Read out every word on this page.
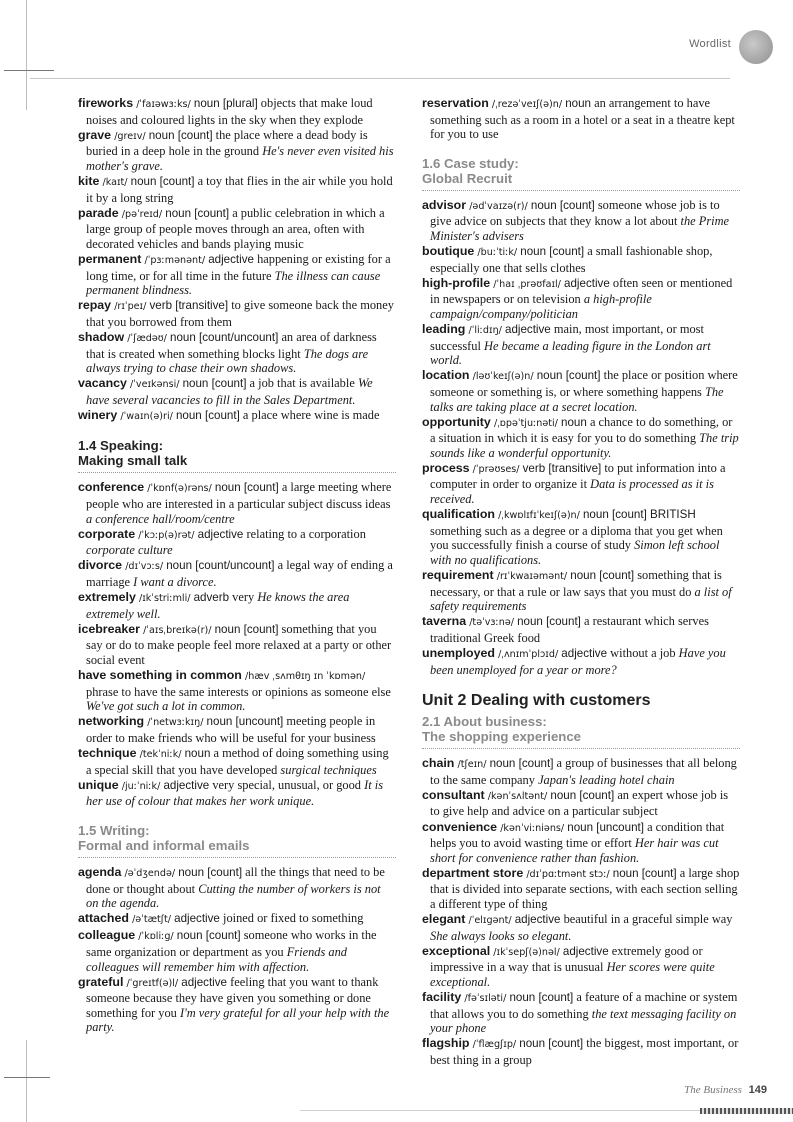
Wordlist
fireworks /ˈfaɪəwɜːks/ noun [plural] objects that make loud noises and coloured lights in the sky when they explode
grave /greɪv/ noun [count] the place where a dead body is buried in a deep hole in the ground He's never even visited his mother's grave.
kite /kaɪt/ noun [count] a toy that flies in the air while you hold it by a long string
parade /pəˈreɪd/ noun [count] a public celebration in which a large group of people moves through an area, often with decorated vehicles and bands playing music
permanent /ˈpɜːmənənt/ adjective happening or existing for a long time, or for all time in the future The illness can cause permanent blindness.
repay /rɪˈpeɪ/ verb [transitive] to give someone back the money that you borrowed from them
shadow /ˈʃædəʊ/ noun [count/uncount] an area of darkness that is created when something blocks light The dogs are always trying to chase their own shadows.
vacancy /ˈveɪkənsi/ noun [count] a job that is available We have several vacancies to fill in the Sales Department.
winery /ˈwaɪn(ə)ri/ noun [count] a place where wine is made
1.4 Speaking:
Making small talk
conference /ˈkɒnf(ə)rəns/ noun [count] a large meeting where people who are interested in a particular subject discuss ideas a conference hall/room/centre
corporate /ˈkɔːp(ə)rət/ adjective relating to a corporation corporate culture
divorce /dɪˈvɔːs/ noun [count/uncount] a legal way of ending a marriage I want a divorce.
extremely /ɪkˈstriːmli/ adverb very He knows the area extremely well.
icebreaker /ˈaɪsˌbreɪkə(r)/ noun [count] something that you say or do to make people feel more relaxed at a party or other social event
have something in common /hæv ˌsʌmθɪŋ ɪn ˈkɒmən/ phrase to have the same interests or opinions as someone else We've got such a lot in common.
networking /ˈnetwɜːkɪŋ/ noun [uncount] meeting people in order to make friends who will be useful for your business
technique /tekˈniːk/ noun a method of doing something using a special skill that you have developed surgical techniques
unique /juːˈniːk/ adjective very special, unusual, or good It is her use of colour that makes her work unique.
1.5 Writing:
Formal and informal emails
agenda /əˈdʒendə/ noun [count] all the things that need to be done or thought about Cutting the number of workers is not on the agenda.
attached /əˈtætʃt/ adjective joined or fixed to something
colleague /ˈkɒliːg/ noun [count] someone who works in the same organization or department as you Friends and colleagues will remember him with affection.
grateful /ˈgreɪtf(ə)l/ adjective feeling that you want to thank someone because they have given you something or done something for you I'm very grateful for all your help with the party.
reservation /ˌrezəˈveɪʃ(ə)n/ noun an arrangement to have something such as a room in a hotel or a seat in a theatre kept for you to use
1.6 Case study:
Global Recruit
advisor /ədˈvaɪzə(r)/ noun [count] someone whose job is to give advice on subjects that they know a lot about the Prime Minister's advisers
boutique /buːˈtiːk/ noun [count] a small fashionable shop, especially one that sells clothes
high-profile /ˈhaɪ ˌprəʊfaɪl/ adjective often seen or mentioned in newspapers or on television a high-profile campaign/company/politician
leading /ˈliːdɪŋ/ adjective main, most important, or most successful He became a leading figure in the London art world.
location /ləʊˈkeɪʃ(ə)n/ noun [count] the place or position where someone or something is, or where something happens The talks are taking place at a secret location.
opportunity /ˌɒpəˈtjuːnəti/ noun a chance to do something, or a situation in which it is easy for you to do something The trip sounds like a wonderful opportunity.
process /ˈprəʊses/ verb [transitive] to put information into a computer in order to organize it Data is processed as it is received.
qualification /ˌkwɒlɪfɪˈkeɪʃ(ə)n/ noun [count] BRITISH something such as a degree or a diploma that you get when you successfully finish a course of study Simon left school with no qualifications.
requirement /rɪˈkwaɪəmənt/ noun [count] something that is necessary, or that a rule or law says that you must do a list of safety requirements
taverna /təˈvɜːnə/ noun [count] a restaurant which serves traditional Greek food
unemployed /ˌʌnɪmˈplɔɪd/ adjective without a job Have you been unemployed for a year or more?
Unit 2 Dealing with customers
2.1 About business:
The shopping experience
chain /tʃeɪn/ noun [count] a group of businesses that all belong to the same company Japan's leading hotel chain
consultant /kənˈsʌltənt/ noun [count] an expert whose job is to give help and advice on a particular subject
convenience /kənˈviːniəns/ noun [uncount] a condition that helps you to avoid wasting time or effort Her hair was cut short for convenience rather than fashion.
department store /dɪˈpɑːtmənt stɔː/ noun [count] a large shop that is divided into separate sections, with each section selling a different type of thing
elegant /ˈelɪgənt/ adjective beautiful in a graceful simple way She always looks so elegant.
exceptional /ɪkˈsepʃ(ə)nəl/ adjective extremely good or impressive in a way that is unusual Her scores were quite exceptional.
facility /fəˈsɪləti/ noun [count] a feature of a machine or system that allows you to do something the text messaging facility on your phone
flagship /ˈflægʃɪp/ noun [count] the biggest, most important, or best thing in a group
The Business 149
